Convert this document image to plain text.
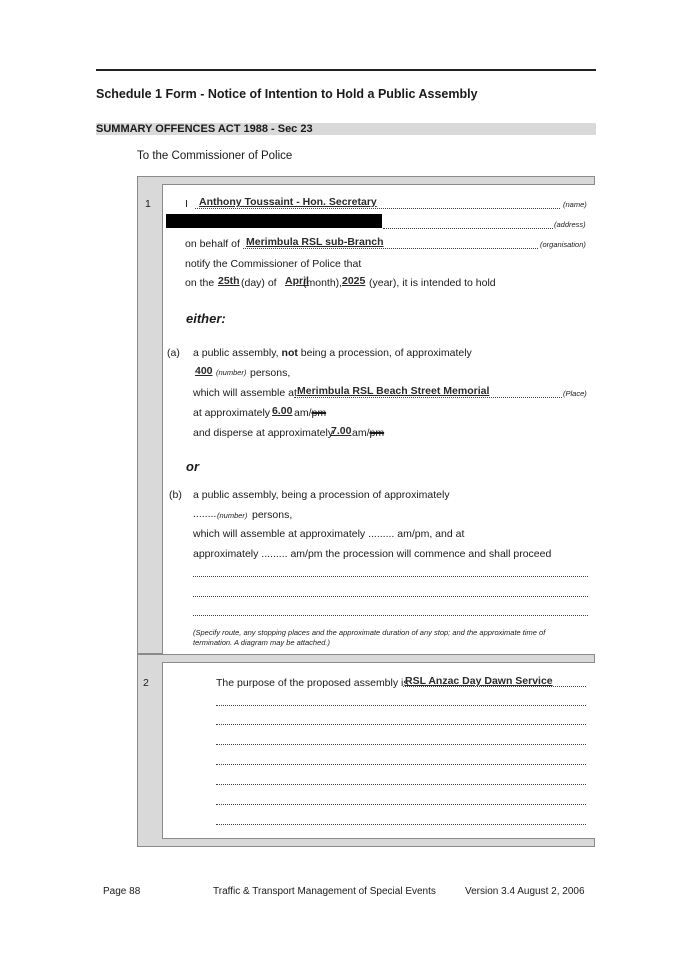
Schedule 1 Form - Notice of Intention to Hold a Public Assembly
SUMMARY OFFENCES ACT 1988 - Sec 23
To the Commissioner of Police
1	I Anthony Toussaint - Hon. Secretary	(name)
(address)
on behalf of Merimbula RSL sub-Branch	(organisation)
notify the Commissioner of Police that
on the 25th (day) of April
(month), 2025 (year), it is intended to hold
either:
(a) a public assembly, not being a procession, of approximately
400 (number) persons,
which will assemble at Merimbula RSL Beach Street Memorial	(Place)
at approximately 6.00 am/pm
and disperse at approximately
7.00 am/pm
or
(b) a public assembly, being a procession of approximately
........ (number) persons,
which will assemble at approximately ......... am/pm, and at
approximately ......... am/pm the procession will commence and shall proceed
(Specify route, any stopping places and the approximate duration of any stop; and the approximate time of
termination. A diagram may be attached.)
2	The purpose of the proposed assembly is
RSL Anzac Day Dawn Service
Page 88	Traffic & Transport Management of Special Events	Version 3.4 August 2, 2006
